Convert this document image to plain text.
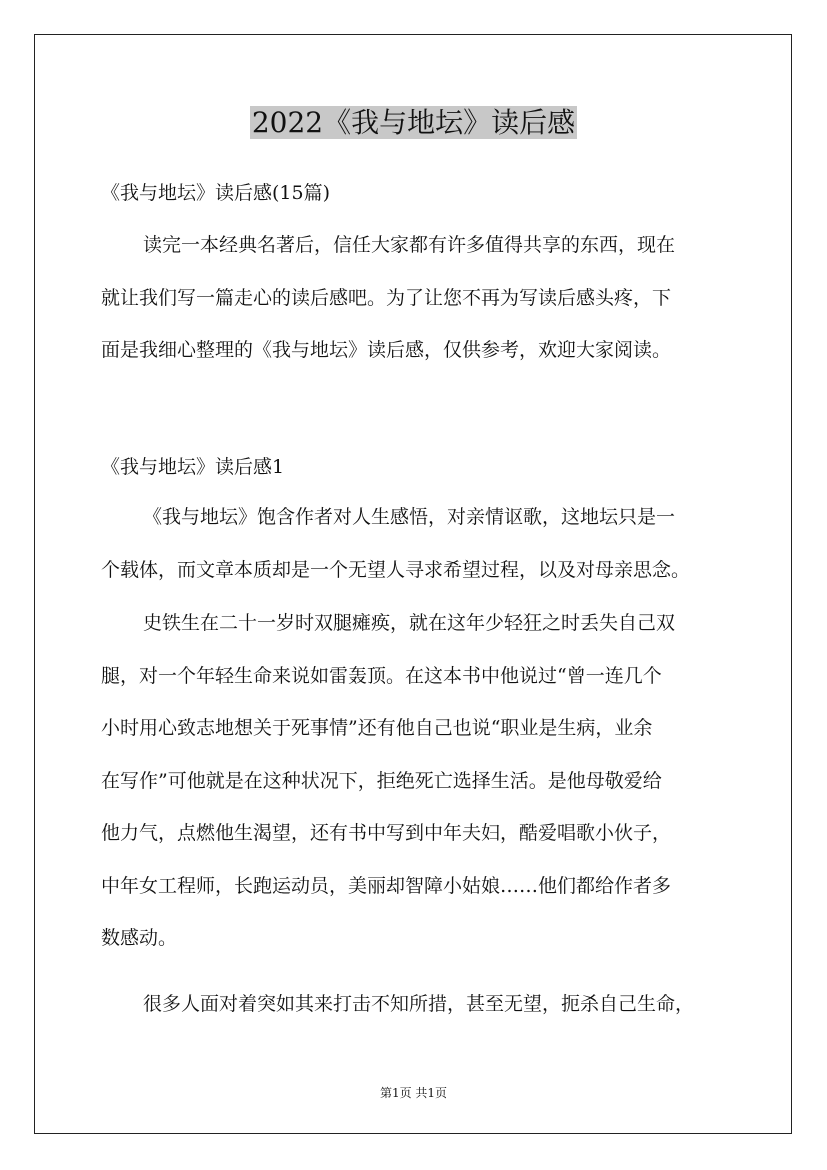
2022《我与地坛》读后感
《我与地坛》读后感(15篇)
读完一本经典名著后，信任大家都有许多值得共享的东西，现在
就让我们写一篇走心的读后感吧。为了让您不再为写读后感头疼，下
面是我细心整理的《我与地坛》读后感，仅供参考，欢迎大家阅读。
《我与地坛》读后感1
《我与地坛》饱含作者对人生感悟，对亲情讴歌，这地坛只是一
个载体，而文章本质却是一个无望人寻求希望过程，以及对母亲思念。
史铁生在二十一岁时双腿瘫痪，就在这年少轻狂之时丢失自己双
腿，对一个年轻生命来说如雷轰顶。在这本书中他说过“曾一连几个
小时用心致志地想关于死事情”还有他自己也说“职业是生病，业余
在写作”可他就是在这种状况下，拒绝死亡选择生活。是他母敬爱给
他力气，点燃他生渴望，还有书中写到中年夫妇，酷爱唱歌小伙子，
中年女工程师，长跑运动员，美丽却智障小姑娘……他们都给作者多
数感动。
很多人面对着突如其来打击不知所措，甚至无望，扼杀自己生命，
第1页 共1页
